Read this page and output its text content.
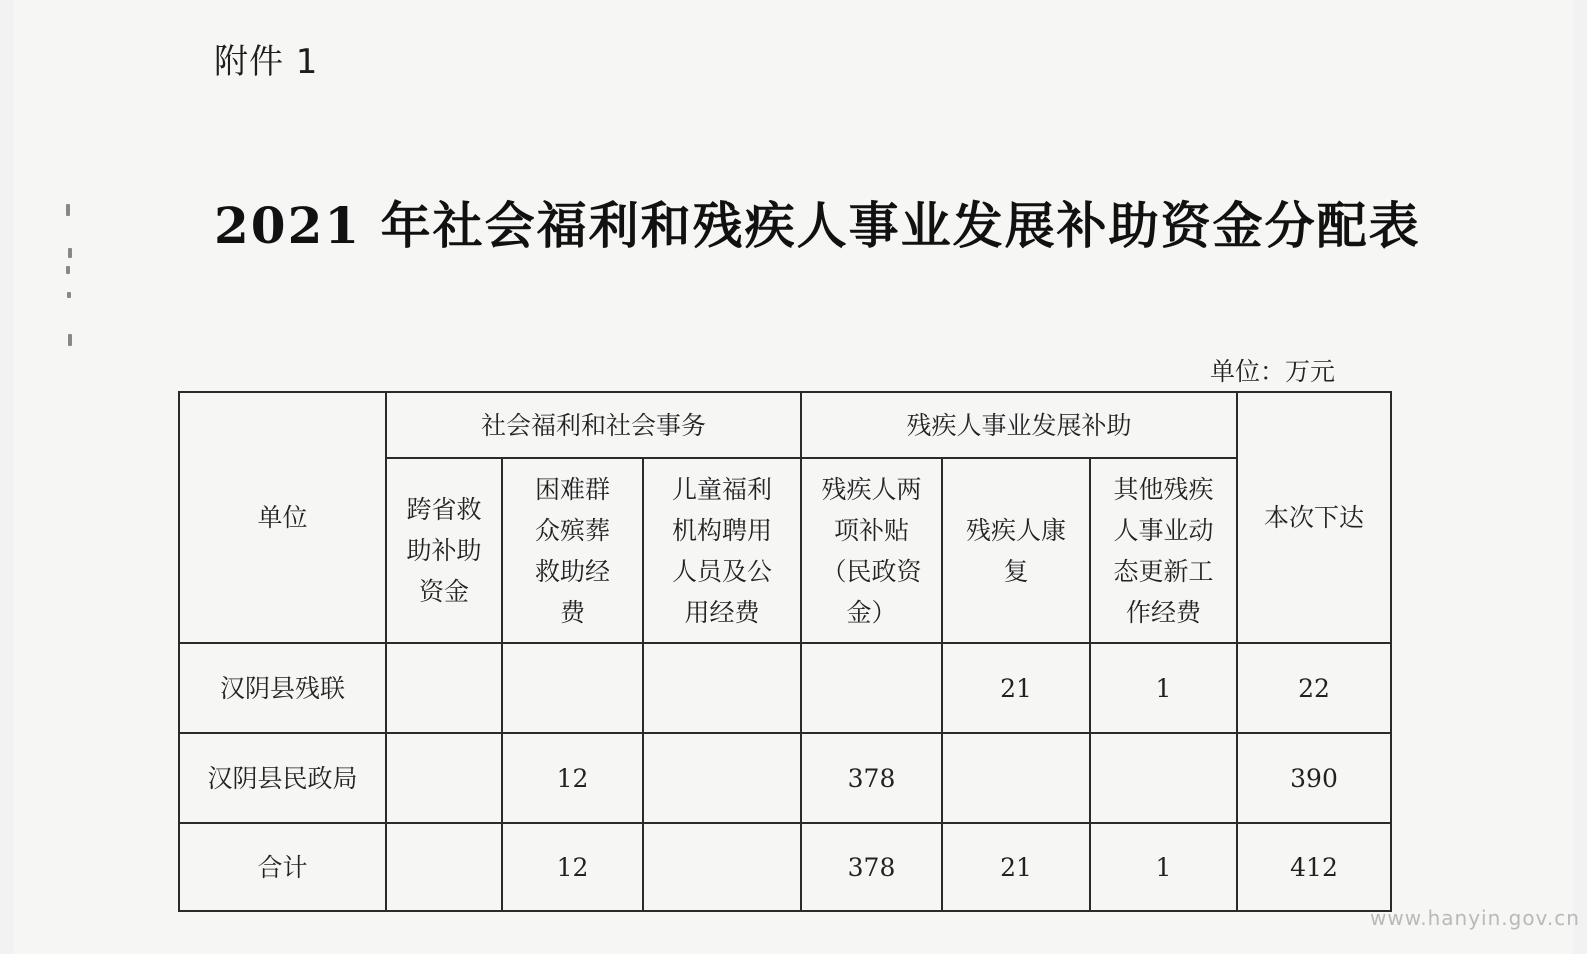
附件 1
2021 年社会福利和残疾人事业发展补助资金分配表
单位：万元
单位	社会福利和社会事务			残疾人事业发展补助			本次下达
	跨省救助补助资金	困难群众殡葬救助经费	儿童福利机构聘用人员及公用经费	残疾人两项补贴（民政资金）	残疾人康复	其他残疾人事业动态更新工作经费	
汉阴县残联					21	1	22
汉阴县民政局		12		378			390
合计		12		378	21	1	412
www.hanyin.gov.cn
